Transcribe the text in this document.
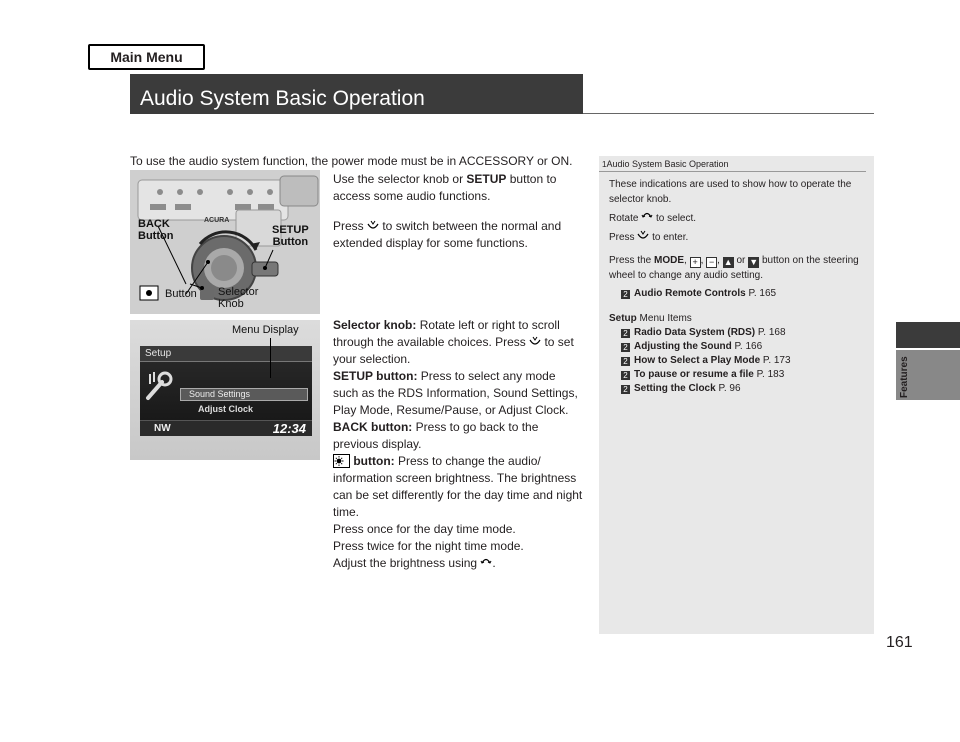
Main Menu
Audio System Basic Operation
Features
161
To use the audio system function, the power mode must be in ACCESSORY or ON.
ACURA
BACK
Button	SETUP
Button
Button Selector
Knob
Menu Display
Setup
Sound Settings
Adjust Clock
NW	12:34

Use the selector knob or SETUP button to access some audio functions.

Press  to switch between the normal and extended display for some functions.

Selector knob: Rotate left or right to scroll through the available choices. Press  to set your selection.

SETUP button: Press to select any mode such as the RDS Information, Sound Settings, Play Mode, Resume/Pause, or Adjust Clock.

BACK button: Press to go back to the previous display.

button: Press to change the audio/ information screen brightness. The brightness can be set differently for the day time and night time.

Press once for the day time mode.

Press twice for the night time mode.

Adjust the brightness using .

1Audio System Basic Operation

These indications are used to show how to operate the selector knob.

Rotate  to select.

Press  to enter.

Press the MODE, + , − , ▲ or ▼ button on the steering wheel to change any audio setting.

2 Audio Remote Controls P. 165

Setup Menu Items

2 Radio Data System (RDS) P. 168
2 Adjusting the Sound P. 166
2 How to Select a Play Mode P. 173
2 To pause or resume a file P. 183
2 Setting the Clock P. 96
